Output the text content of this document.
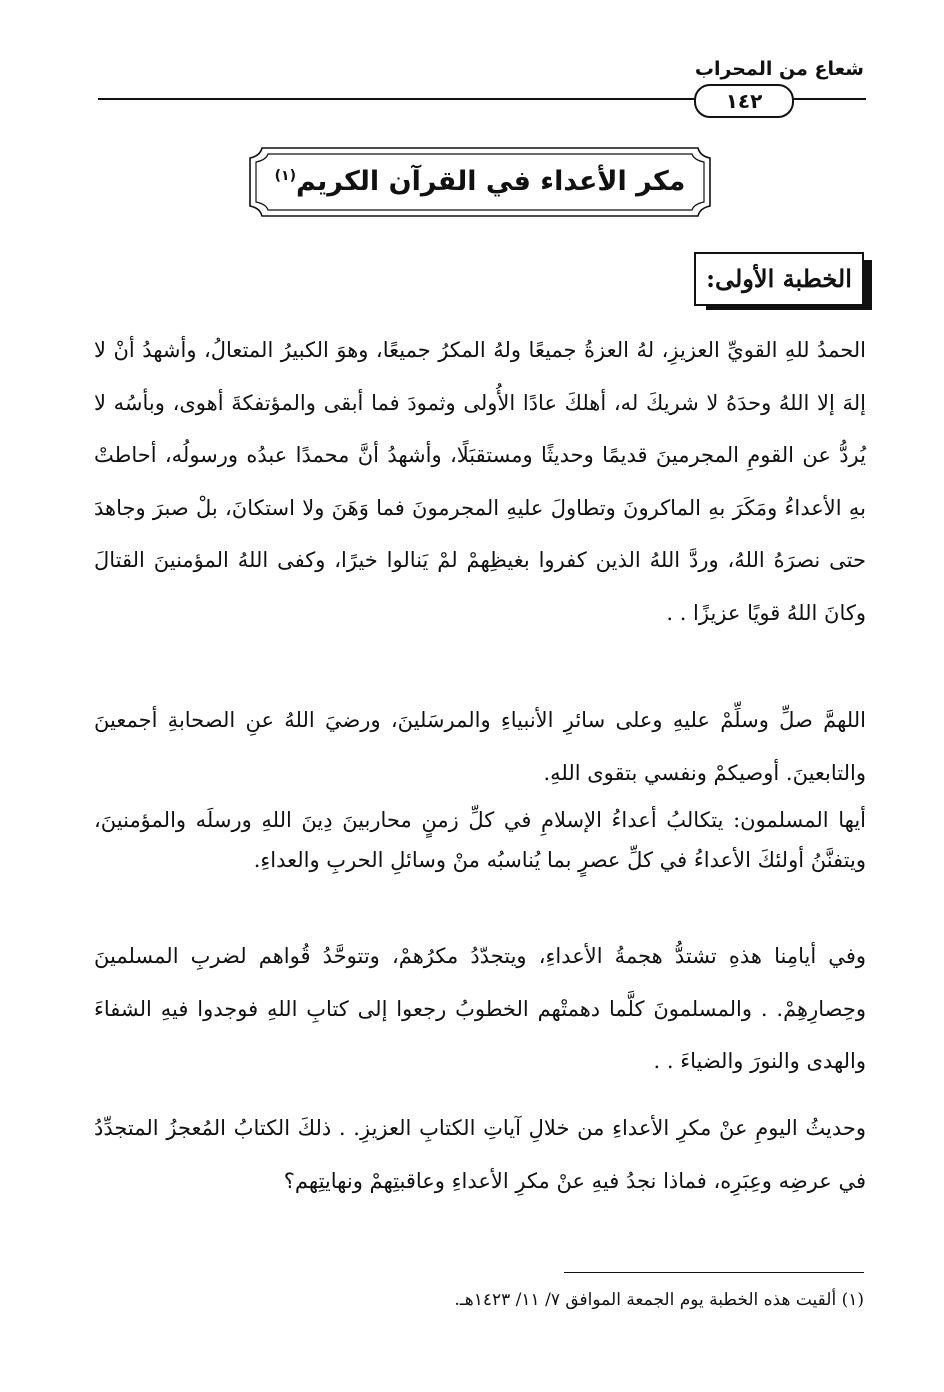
شعاع من المحراب
١٤٢
مكر الأعداء في القرآن الكريم$^{(١)}$
الخطبة الأولى:

الحمدُ للهِ القويِّ العزيزِ، لهُ العزةُ جميعًا ولهُ المكرُ جميعًا، وهوَ الكبيرُ المتعالُ، وأشهدُ أنْ لا إلهَ إلا اللهُ وحدَهُ لا شريكَ له، أهلكَ عادًا الأُولى وثمودَ فما أبقى والمؤتفكةَ أهوى، وبأسُه لا يُردُّ عن القومِ المجرمينَ قديمًا وحديثًا ومستقبَلًا، وأشهدُ أنَّ محمدًا عبدُه ورسولُه، أحاطتْ بهِ الأعداءُ ومَكَرَ بهِ الماكرونَ وتطاولَ عليهِ المجرمونَ فما وَهَنَ ولا استكانَ، بلْ صبرَ وجاهدَ حتى نصرَهُ اللهُ، وردَّ اللهُ الذين كفروا بغيظِهمْ لمْ يَنالوا خيرًا، وكفى اللهُ المؤمنينَ القتالَ وكانَ اللهُ قويًا عزيزًا . .

اللهمَّ صلِّ وسلِّمْ عليهِ وعلى سائرِ الأنبياءِ والمرسَلينَ، ورضيَ اللهُ عنِ الصحابةِ أجمعينَ والتابعينَ. أوصيكمْ ونفسي بتقوى اللهِ.

أيها المسلمون: يتكالبُ أعداءُ الإسلامِ في كلِّ زمنٍ محاربينَ دِينَ اللهِ ورسلَه والمؤمنينَ، ويتفنَّنُ أولئكَ الأعداءُ في كلِّ عصرٍ بما يُناسبُه منْ وسائلِ الحربِ والعداءِ.

وفي أيامِنا هذهِ تشتدُّ هجمةُ الأعداءِ، ويتجدّدُ مكرُهمْ، وتتوحَّدُ قُواهم لضربِ المسلمينَ وحِصارِهِمْ. . والمسلمونَ كلَّما دهمتْهم الخطوبُ رجعوا إلى كتابِ اللهِ فوجدوا فيهِ الشفاءَ والهدى والنورَ والضياءَ . .

وحديثُ اليومِ عنْ مكرِ الأعداءِ من خلالِ آياتِ الكتابِ العزيزِ. . ذلكَ الكتابُ المُعجزُ المتجدِّدُ في عرضِه وعِبَرِه، فماذا نجدُ فيهِ عنْ مكرِ الأعداءِ وعاقبتِهمْ ونهايتِهم؟

(١) ألقيت هذه الخطبة يوم الجمعة الموافق ٧/ ١١/ ١٤٢٣هـ.
